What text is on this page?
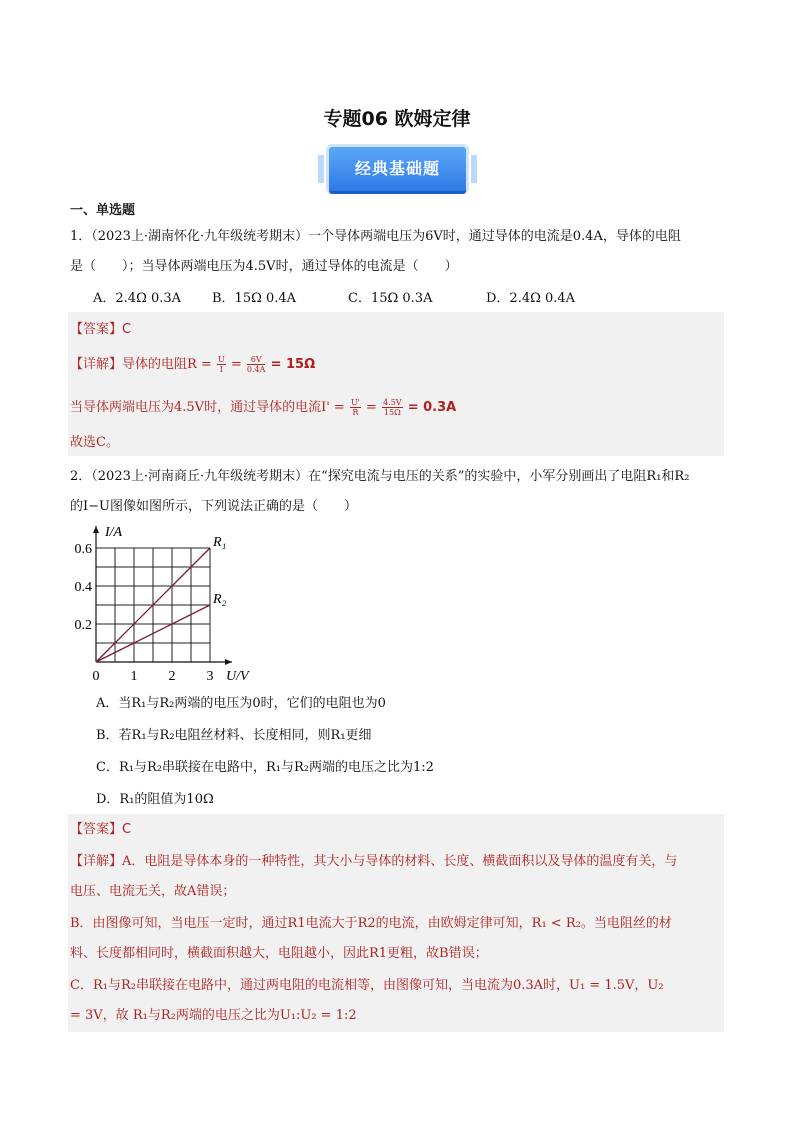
专题06 欧姆定律
经典基础题
一、单选题
1．（2023上·湖南怀化·九年级统考期末）一个导体两端电压为6V时，通过导体的电流是0.4A，导体的电阻
是（　　）；当导体两端电压为4.5V时，通过导体的电流是（　　）
A．2.4Ω 0.3A B．15Ω 0.4A	C．15Ω 0.3A	D．2.4Ω 0.4A
【答案】C
【详解】导体的电阻$R = \frac{U}{I} = \frac{6V}{0.4A} = 15\Omega$
当导体两端电压为4.5V时，通过导体的电流$I' = \frac{U'}{R} = \frac{4.5V}{15\Omega} = 0.3A$
故选C。
2．（2023上·河南商丘·九年级统考期末）在“探究电流与电压的关系”的实验中，小军分别画出了电阻R₁和R₂
的I−U图像如图所示，下列说法正确的是（　　）
0 1 2 3
0.2
0.4
0.6
U/V
I/A
R₁
R₂
A．当R₁与R₂两端的电压为0时，它们的电阻也为0
B．若R₁与R₂电阻丝材料、长度相同，则R₁更细
C．R₁与R₂串联接在电路中，R₁与R₂两端的电压之比为1:2
D．R₁的阻值为10Ω
【答案】C
【详解】A．电阻是导体本身的一种特性，其大小与导体的材料、长度、横截面积以及导体的温度有关，与
电压、电流无关，故A错误；
B．由图像可知，当电压一定时，通过R1电流大于R2的电流，由欧姆定律可知，R₁ < R₂。当电阻丝的材
料、长度都相同时，横截面积越大，电阻越小，因此R1更粗，故B错误；
C．R₁与R₂串联接在电路中，通过两电阻的电流相等，由图像可知，当电流为0.3A时，U₁ = 1.5V，U₂
= 3V，故 R₁与R₂两端的电压之比为U₁:U₂ = 1:2
